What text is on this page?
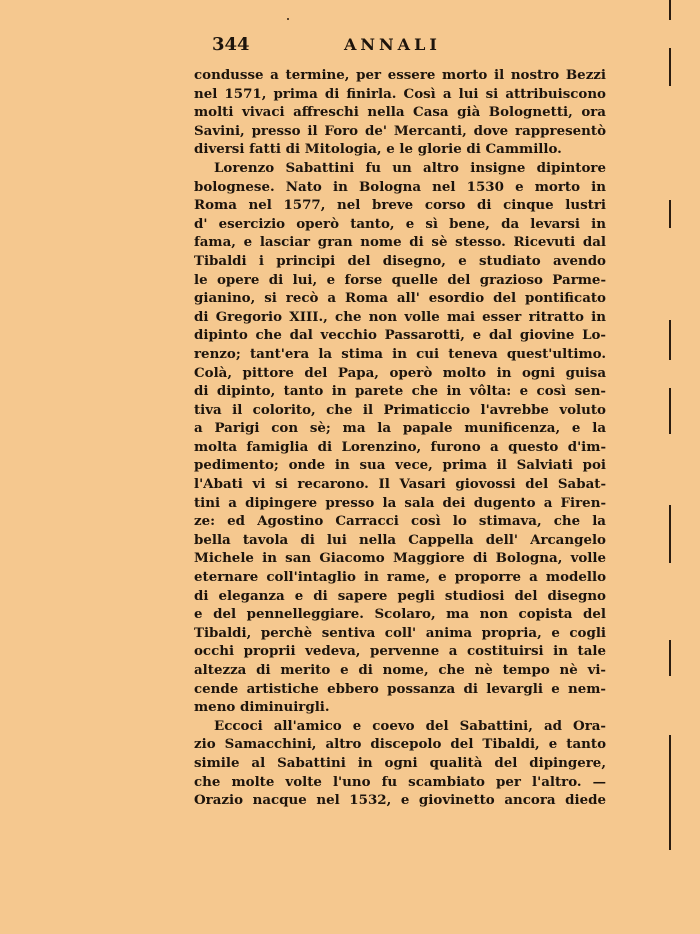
344	ANNALI
condusse a termine, per essere morto il nostro Bezzi
nel 1571, prima di finirla. Così a lui si attribuiscono
molti vivaci affreschi nella Casa già Bolognetti, ora
Savini, presso il Foro de' Mercanti, dove rappresentò
diversi fatti di Mitologia, e le glorie di Cammillo.
Lorenzo Sabattini fu un altro insigne dipintore
bolognese. Nato in Bologna nel 1530 e morto in
Roma nel 1577, nel breve corso di cinque lustri
d' esercizio operò tanto, e sì bene, da levarsi in
fama, e lasciar gran nome di sè stesso. Ricevuti dal
Tibaldi i principi del disegno, e studiato avendo
le opere di lui, e forse quelle del grazioso Parme-
gianino, si recò a Roma all' esordio del pontificato
di Gregorio XIII., che non volle mai esser ritratto in
dipinto che dal vecchio Passarotti, e dal giovine Lo-
renzo; tant'era la stima in cui teneva quest'ultimo.
Colà, pittore del Papa, operò molto in ogni guisa
di dipinto, tanto in parete che in vôlta: e così sen-
tiva il colorito, che il Primaticcio l'avrebbe voluto
a Parigi con sè; ma la papale munificenza, e la
molta famiglia di Lorenzino, furono a questo d'im-
pedimento; onde in sua vece, prima il Salviati poi
l'Abati vi si recarono. Il Vasari giovossi del Sabat-
tini a dipingere presso la sala dei dugento a Firen-
ze: ed Agostino Carracci così lo stimava, che la
bella tavola di lui nella Cappella dell' Arcangelo
Michele in san Giacomo Maggiore di Bologna, volle
eternare coll'intaglio in rame, e proporre a modello
di eleganza e di sapere pegli studiosi del disegno
e del pennelleggiare. Scolaro, ma non copista del
Tibaldi, perchè sentiva coll' anima propria, e cogli
occhi proprii vedeva, pervenne a costituirsi in tale
altezza di merito e di nome, che nè tempo nè vi-
cende artistiche ebbero possanza di levargli e nem-
meno diminuirgli.
Eccoci all'amico e coevo del Sabattini, ad Ora-
zio Samacchini, altro discepolo del Tibaldi, e tanto
simile al Sabattini in ogni qualità del dipingere,
che molte volte l'uno fu scambiato per l'altro. —
Orazio nacque nel 1532, e giovinetto ancora diede
